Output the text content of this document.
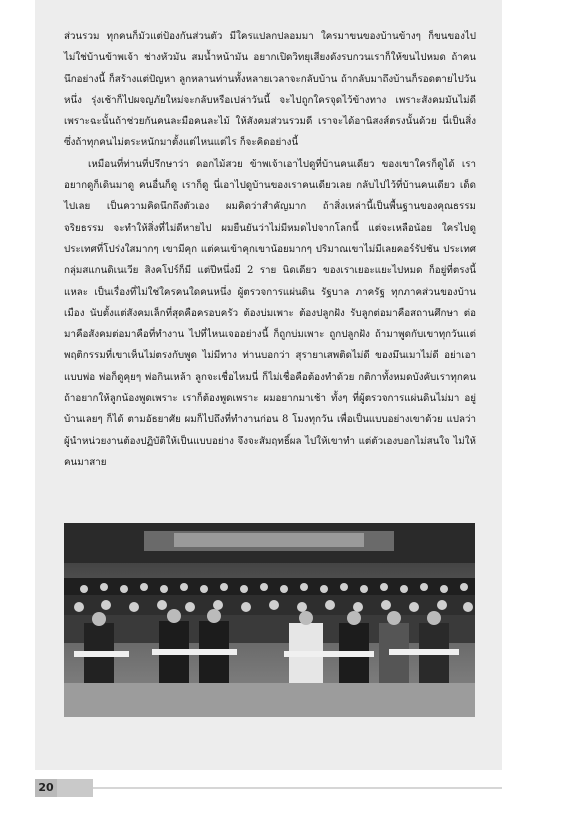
ส่วนรวม ทุกคนก็มัวแต่ป้องกันส่วนตัว มีใครแปลกปลอมมา ใครมาขนของบ้านข้างๆ ก็ขนของไป ไม่ใช่บ้านข้าพเจ้า ช่างหัวมัน สมน้ำหน้ามัน อยากเปิดวิทยุเสียงดังรบกวนเราก็ให้ขนไปหมด ถ้าคนนึกอย่างนี้ ก็สร้างแต่ปัญหา ลูกหลานท่านทั้งหลายเวลาจะกลับบ้าน ถ้ากลับมาถึงบ้านก็รอดตายไปวันหนึ่ง รุ่งเช้าก็ไปผจญภัยใหม่จะกลับหรือเปล่าวันนี้ จะไปถูกใครจุดไว้ข้างทาง เพราะสังคมมันไม่ดี เพราะฉะนั้นถ้าช่วยกันคนละมือคนละไม้ ให้สังคมส่วนรวมดี เราจะได้อานิสงส์ตรงนั้นด้วย นี่เป็นสิ่งซึ่งถ้าทุกคนไม่ตระหนักมาตั้งแต่ไหนแต่ไร ก็จะคิดอย่างนี้

เหมือนที่ท่านที่ปรึกษาว่า ดอกไม้สวย ข้าพเจ้าเอาไปดูที่บ้านคนเดียว ของเขาใครก็ดูได้ เราอยากดูก็เดินมาดู คนอื่นก็ดู เราก็ดู นี่เอาไปดูบ้านของเราคนเดียวเลย กลับไปไว้ที่บ้านคนเดียว เด็ดไปเลย เป็นความคิดนึกถึงตัวเอง ผมคิดว่าสำคัญมาก ถ้าสิ่งเหล่านี้เป็นพื้นฐานของคุณธรรม จริยธรรม จะทำให้สิ่งที่ไม่ดีหายไป ผมยืนยันว่าไม่มีหมดไปจากโลกนี้ แต่จะเหลือน้อย ใครไปดูประเทศที่โปร่งใสมากๆ เขามีคุก แต่คนเข้าคุกเขาน้อยมากๆ ปริมาณเขาไม่มีเลยคอร์รัปชัน ประเทศกลุ่มสแกนดิเนเวีย สิงคโปร์ก็มี แต่ปีหนึ่งมี 2 ราย นิดเดียว ของเราเยอะแยะไปหมด ก็อยู่ที่ตรงนี้แหละ เป็นเรื่องที่ไม่ใช่ใครคนใดคนหนึ่ง ผู้ตรวจการแผ่นดิน รัฐบาล ภาครัฐ ทุกภาคส่วนของบ้านเมือง นับตั้งแต่สังคมเล็กที่สุดคือครอบครัว ต้องบ่มเพาะ ต้องปลูกฝัง รับลูกต่อมาคือสถานศึกษา ต่อมาคือสังคมต่อมาคือที่ทำงาน ไปที่ไหนเจออย่างนี้ ก็ถูกบ่มเพาะ ถูกปลูกฝัง ถ้ามาพูดกับเขาทุกวันแต่พฤติกรรมที่เขาเห็นไม่ตรงกับพูด ไม่มีทาง ท่านบอกว่า สุรายาเสพติดไม่ดี ของมึนเมาไม่ดี อย่าเอาแบบพ่อ พ่อก็ดูคุยๆ พ่อกินเหล้า ลูกจะเชื่อไหมนี่ ก็ไม่เชื่อคือต้องทำด้วย กติกาทั้งหมดบังคับเราทุกคน ถ้าอยากให้ลูกน้องพูดเพราะ เราก็ต้องพูดเพราะ ผมอยากมาเช้า ทั้งๆ ที่ผู้ตรวจการแผ่นดินไม่มา อยู่บ้านเลยๆ ก็ได้ ตามอัธยาศัย ผมก็ไปถึงที่ทำงานก่อน 8 โมงทุกวัน เพื่อเป็นแบบอย่างเขาด้วย แปลว่าผู้นำหน่วยงานต้องปฏิบัติให้เป็นแบบอย่าง จึงจะสัมฤทธิ์ผล ไปให้เขาทำ แต่ตัวเองบอกไม่สนใจ ไม่ให้คนมาสาย

20
